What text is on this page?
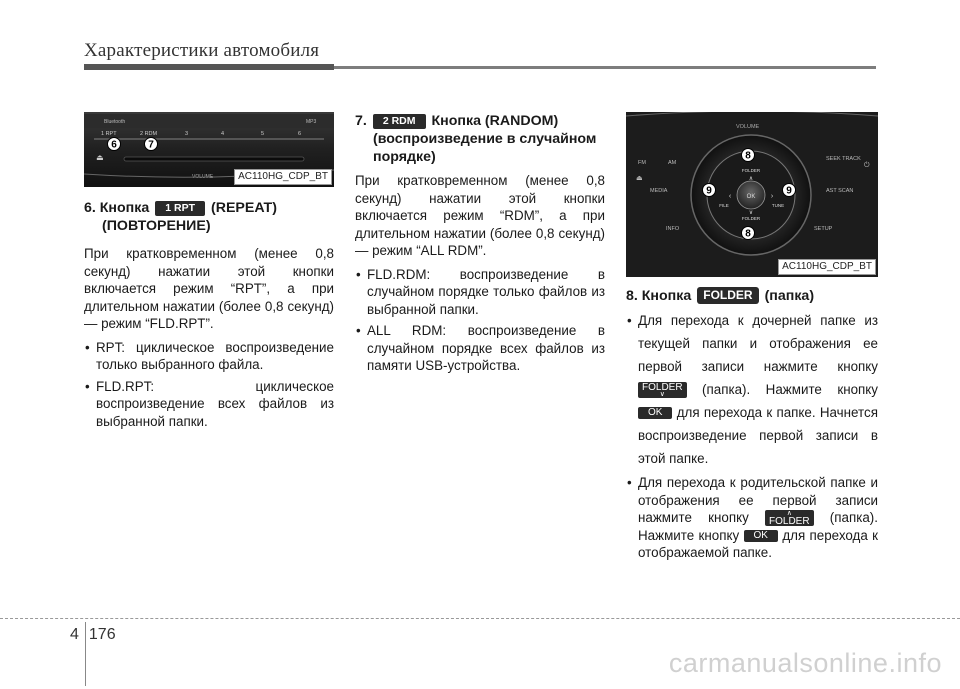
Характеристики автомобиля
Bluetooth	MP3
1 RPT	2 RDM	3	4	5	6
⏏
VOLUME
6	7
AC110HG_CDP_BT
6. Кнопка 1 RPT (REPEAT) (ПОВТОРЕНИЕ)

При кратковременном (менее 0,8 секунд) нажатии этой кнопки включается режим “RPT”, а при длительном нажатии (более 0,8 секунд) — режим “FLD.RPT”.

• RPT: циклическое воспроизведение только выбранного файла.
• FLD.RPT: циклическое воспроизведение всех файлов из выбранной папки.
7. 2 RDM Кнопка (RANDOM) (воспроизведение в случайном порядке)

При кратковременном (менее 0,8 секунд) нажатии этой кнопки включается режим “RDM”, а при длительном нажатии (более 0,8 секунд) — режим “ALL RDM”.

• FLD.RDM: воспроизведение в случайном порядке только файлов из выбранной папки.
• ALL RDM: воспроизведение в случайном порядке всех файлов из памяти USB-устройства.
VOLUME
OK
FOLDER
FOLDER
FILE	TUNE
∧
∨
‹	›
FM	AM
MEDIA
INFO
SEEK TRACK
AST SCAN
SETUP
⏏
⏻
8
9	9
8
AC110HG_CDP_BT
8. Кнопка FOLDER (папка)
• Для перехода к дочерней папке из текущей папки и отображения ее первой записи нажмите кнопку FOLDER
∨	(папка). Нажмите кнопку OK для перехода к папке. Начнется воспроизведение первой записи в этой папке.
• Для перехода к родительской папке и отображения ее первой записи нажмите кнопку	∧
FOLDER (папка). Нажмите кнопку OK для перехода к отображаемой папке.
4 176
carmanualsonline.info
